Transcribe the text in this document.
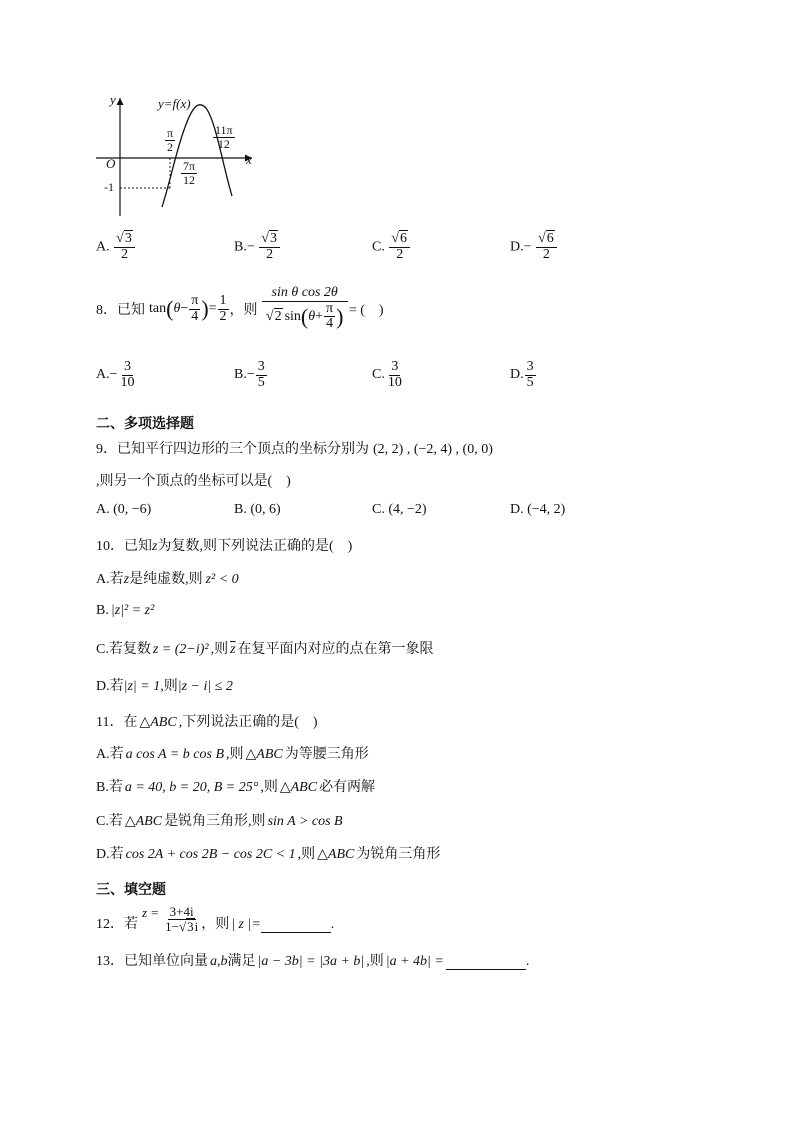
y
x
O
y=f(x)
-1
$\frac{\pi}{2}$
$\frac{7\pi}{12}$
$\frac{11\pi}{12}$
A. $\frac{√3}{2}$	$B.- \frac{√3}{2}$	C. $\frac{√6}{2}$	$D.- \frac{√6}{2}$
8．已知 tan ( $\theta - \frac{\pi}{4}$ ) = $\frac{1}{2}$ ，则 $\frac{\text{sin θ cos 2θ}}{√2 \sin ( \theta + \frac{\pi}{4} )}$ = (　)
A. − $\frac{3}{10}$	B. − $\frac{3}{5}$	C. $\frac{3}{10}$	D. $\frac{3}{5}$
二、多项选择题
9．已知平行四边形的三个顶点的坐标分别为 (2, 2) , (−2, 4) , (0, 0)
,则另一个顶点的坐标可以是(　)
A. (0, −6)	B. (0, 6)	C. (4, −2)	D. (−4, 2)
10．已知z为复数,则下列说法正确的是(　)
A.若z是纯虚数,则 z² < 0
B. |z|² = z²
C.若复数 z = (2−i)² ,则 $\overline{z}$ 在复平面内对应的点在第一象限
D.若|z| = 1,则|z − i| ≤ 2
11．在 △ABC ,下列说法正确的是(　)
A.若 a cos A = b cos B ,则 △ABC 为等腰三角形
B.若 a = 40, b = 20, B = 25° ,则 △ABC 必有两解
C.若 △ABC 是锐角三角形,则 sin A > cos B
D.若 cos 2A + cos 2B − cos 2C < 1 ,则 △ABC 为锐角三角形
三、填空题
12．若
$z = \frac{3+4i}{1-√3i}$ ，则 | z |=	.
13．已知单位向量 a , b 满足 |a − 3b| = |3a + b| ,则 |a + 4b| =	.
